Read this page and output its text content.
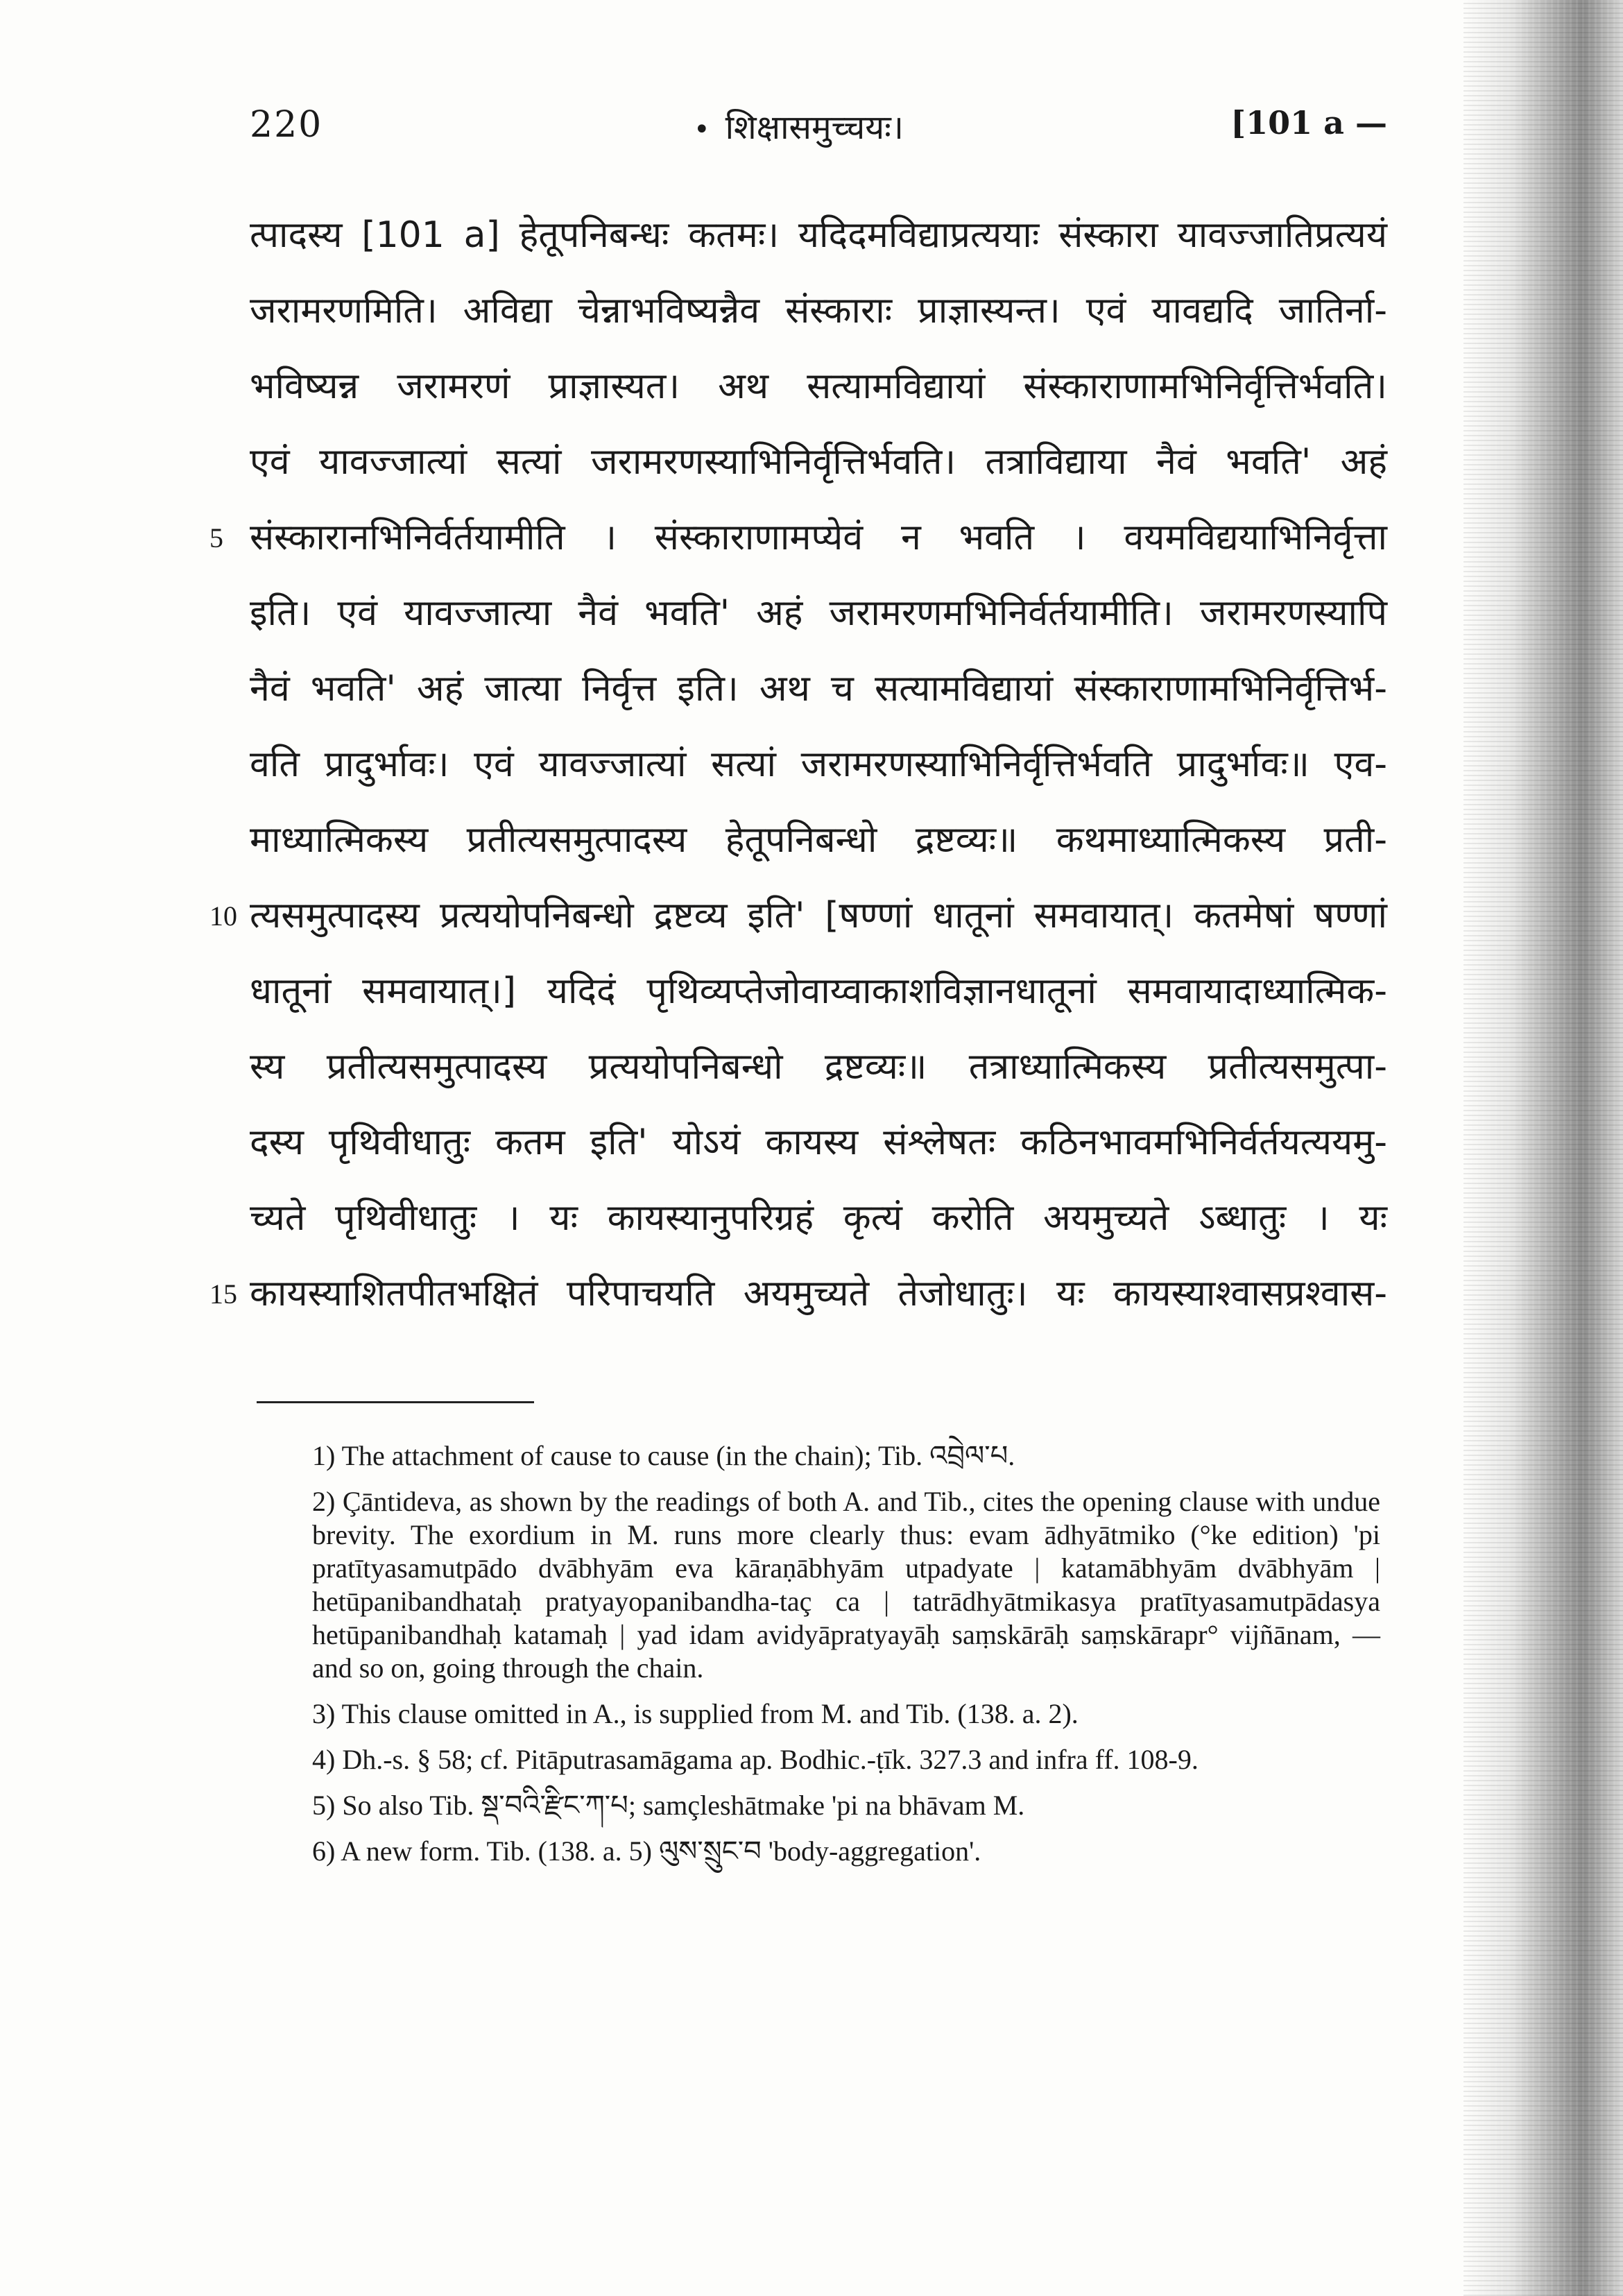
220	• शिक्षासमुच्चयः।	[101 a —
त्पादस्य [101 a] हेतूपनिबन्धः कतमः। यदिदमविद्याप्रत्ययाः संस्कारा यावज्जातिप्रत्ययं
जरामरणमिति। अविद्या चेन्नाभविष्यन्नैव संस्काराः प्राज्ञास्यन्त। एवं यावद्यदि जातिर्ना-
भविष्यन्न जरामरणं प्राज्ञास्यत। अथ सत्यामविद्यायां संस्काराणामभिनिर्वृत्तिर्भवति।
एवं यावज्जात्यां सत्यां जरामरणस्याभिनिर्वृत्तिर्भवति। तत्राविद्याया नैवं भवति' अहं
5 संस्कारानभिनिर्वर्तयामीति । संस्काराणामप्येवं न भवति । वयमविद्ययाभिनिर्वृत्ता
इति। एवं यावज्जात्या नैवं भवति' अहं जरामरणमभिनिर्वर्तयामीति। जरामरणस्यापि
नैवं भवति' अहं जात्या निर्वृत्त इति। अथ च सत्यामविद्यायां संस्काराणामभिनिर्वृत्तिर्भ-
वति प्रादुर्भावः। एवं यावज्जात्यां सत्यां जरामरणस्याभिनिर्वृत्तिर्भवति प्रादुर्भावः॥ एव-
माध्यात्मिकस्य प्रतीत्यसमुत्पादस्य हेतूपनिबन्धो द्रष्टव्यः॥ कथमाध्यात्मिकस्य प्रती-
10 त्यसमुत्पादस्य प्रत्ययोपनिबन्धो द्रष्टव्य इति' [षण्णां धातूनां समवायात्। कतमेषां षण्णां
धातूनां समवायात्।] यदिदं पृथिव्यप्तेजोवाय्वाकाशविज्ञानधातूनां समवायादाध्यात्मिक-
स्य प्रतीत्यसमुत्पादस्य प्रत्ययोपनिबन्धो द्रष्टव्यः॥ तत्राध्यात्मिकस्य प्रतीत्यसमुत्पा-
दस्य पृथिवीधातुः कतम इति' योऽयं कायस्य संश्लेषतः कठिनभावमभिनिर्वर्तयत्ययमु-
च्यते पृथिवीधातुः । यः कायस्यानुपरिग्रहं कृत्यं करोति अयमुच्यते ऽब्धातुः । यः
15 कायस्याशितपीतभक्षितं परिपाचयति अयमुच्यते तेजोधातुः। यः कायस्याश्वासप्रश्वास-
1) The attachment of cause to cause (in the chain); Tib. འབྲེལ་པ.
2) Çāntideva, as shown by the readings of both A. and Tib., cites the opening clause with undue brevity. The exordium in M. runs more clearly thus: evam ādhyātmiko (°ke edition) 'pi pratītyasamutpādo dvābhyām eva kāraṇābhyām utpadyate | katamābhyām dvābhyām | hetūpanibandhataḥ pratyayopanibandha-taç ca | tatrādhyātmikasya pratītyasamutpādasya hetūpanibandhaḥ katamaḥ | yad idam avidyāpratyayāḥ saṃskārāḥ saṃskārapr° vijñānam, — and so on, going through the chain.
3) This clause omitted in A., is supplied from M. and Tib. (138. a. 2).
4) Dh.-s. § 58; cf. Pitāputrasamāgama ap. Bodhic.-ṭīk. 327.3 and infra ff. 108-9.
5) So also Tib. སྡ་བའི་རྫིང་ཀ་པ; samçleshātmake 'pi na bhāvam M.
6) A new form. Tib. (138. a. 5) ལུས་སྲུང་བ 'body-aggregation'.
